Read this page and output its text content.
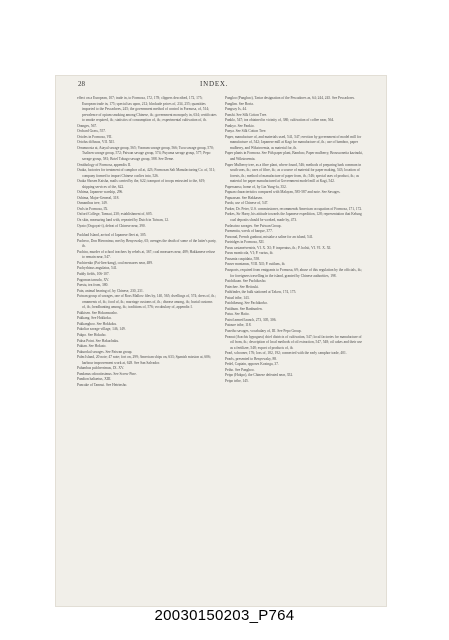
28	INDEX.

effect on a European, 107; trade in, to Formosa, 172, 178; clippers described, 172, 175; European trade in, 175; special tax upon, 212; blockade prices of, 234, 255; quantities imported to the Pescadores, 245; the government method of control in Formosa, of, 514; prevalence of opium smoking among Chinese, ib.; government monopoly in, 634; certificates to smoke required, ib.; statistics of consumption of, ib.; experimental cultivation of, ib.

Oranges, 567.

Orchard Grass, 557.

Orioles in Formosa, VII.

Oriolus diffusus, VII. XII.

Orramoosta at, Atayal savage group, 565; Voonum savage group, 566; Tsou savage group, 570; Tsalisen savage group, 572; Paiwan savage group, 574; Puyuma savage group, 577; Pepo savage group, 581; Botel Tobago savage group, 588. See Deme.

Ornithology of Formosa, appendix II.

Osaka, factories for treatment of camphor oil at, 423; Formosan Salt Manufacturing Co. of, 511; company formed to import Chinese coolies into, 526.

Osaka Shosen Kaisha, mails carried by the, 622; transport of troops entrusted to the, 619; shipping services of the, 622.

Oshima, Japanese warship, 296.

Oshima, Major-General, 318.

Osmanthus tree, 149.

Owls in Formosa, IX.

Oxford College, Tamsui, 230; establishment of, 605.

Ox skin, measuring land with, repeated by Dutch in Taiwan, 12.

Oyato (Oogoyat-i), defeat of Chinese near, 390.

Packhad Island, arrival of Japanese fleet at, 305.

Pacheco, Don Hieronimo, met by Benyowsky, 65; avenges the death of some of the latter's party, ib.

Pachira, murder of school teachers by rebels at, 367; coal measures near, 489; Hakkanese refuse to remain near, 547.

Pachirenko (Pai-lien-kang), coal measures near, 489.

Pachyrhizus angulatus, 541.

Paddy fields, 106-107.

Pagoman tarrudo, XV.

Paestu, tea from, 380.

Pain, animal bearing of, by Chinese, 230, 231.

Paiwan group of savages, one of Ross Mallow files by, 140, 565; dwellings of, 574; dress of, ib.; ornaments of, ib.; food of, ib.; marriage customs of, ib.; disease among, ib.; burial customs of, ib.; headhunting among, ib.; traditions of, 576; vocabulary of, appendix I.

Pakkisen. See Hokumsusho.

Pakkang. See Hokkoku.

Pakkanghoo. See Hokkoku.

Pakoliar savage village, 146, 149.

Pakpo. See Hokuho.

Paksa Point. See Hakuchaku.

Paktan. See Hokuto.

Pakurokal savages. See Paiwan group.

Palm Island, 20 note; 47 note; fort on, 299; American ships on, 633; Spanish mission at, 606; harbour improvement work at, 628. See San Salvador.

Palumbus pulcherrimus, IX. XV.

Pandanus odoratissimus. See Screw Pine.

Pandion haliaetus, XIII.

Pancake of Tamsui. See Heirinsho.

Pangloo (Panghoo), Tartar designation of the Pescadores as, 64; 244, 245. See Pescadores.

Panglim. See Boria.

Pangsoy Is, 44.

Panshi. See Silk Cotton Tree.

Panklo, 547; tea obtained in vicinity of, 380; cultivation of coffee near, 564.

Pankyo. See Pankio.

Panya. See Silk Cotton Tree.

Paper, manufacture of, and materials used, 541, 547; erection by government of model mill for manufacture of, 542; Japanese mill at Kagi for manufacture of, ib.; use of bamboo, paper mulberry, and Wikstroemia, as material for, ib.

Paper plants in Formosa. See Pith paper plant, Bamboo, Paper mulberry, Broussonetia kazinoki, and Wikstroemia.

Paper Mulberry tree, as a fibre plant, where found, 546; methods of preparing bark common in south seas, ib.; uses of fibre, ib.; as a source of material for paper making, 543; location of forests, ib.; method of manufacture of paper from, ib.; 546; special uses of product, ib.; as material for paper manufactured at Government model mill at Kagi, 542.

Papessanso, home of, by Lin Yung-fa, 352.

Papuan characteristics compared with Malayan, 585-587 and note. See Savages.

Papuassan. See Hakkasen.

Pardo, use of Chinese of, 547.

Parker, Dr. Peter, U.S. commissioner, recommends American occupation of Formosa, 171, 172.

Parkes, Sir Harry, his attitude towards the Japanese expedition, 128; representation that Kelung coal deposits should be worked, made by, 473.

Parlascino savages. See Paiwan Group.

Parmentia, wreck of barque, 377.

Parsonal, French gunboat, mistake a saline for an island, 541.

Partridges in Formosa, XII.

Parus castaneiventris, VI. X. XI; P. insperatus, ib.; P. holsti, VI. VI. X. XI.

Parus monticola, VI; P. varius, ib.

Passania cuspidata, 558.

Passer montanus, VIII. XII; P. rutilans, ib.

Passports, required from emigrants to Formosa, 69; abuse of this regulation by the officials, ib.; for foreigners travelling in the island, granted by Chinese authorities, 198.

Patchikoan. See Pachikosho.

Patechee. See Heitcuki.

Pathfinder, the bulk stationed at Takow, 174, 175.

Patoal tribe, 143.

Patchikeung. See Pachikorko.

Pattihum. See Banbunfen.

Patsu. See Haito.

Patrol armed launch, 273, 305, 306.

Patoure tribe, 118.

Pazeiho savages, vocabulary of, III. See Pepo Group.

Peanut (Arachis hypogaea) chief districts of cultivation, 547; local factories for manufacture of oil from, ib.; description of local methods of oil extraction, 547, 548; oil cakes and their use as a fertilizer, 548; export of products of, ib.

Pearl, schooner, 176; loss of, 182, 192; connected with the early camphor trade, 401.

Pearls, presented to Benyowsky, 88.

Pedel, Captain, opposes Koxinga, 37.

Peiho. See Panghoo.

Peipo (Hokpo), the Chinese defeated near, 352.

Peipo tribe, 145.

20030150203_P764
